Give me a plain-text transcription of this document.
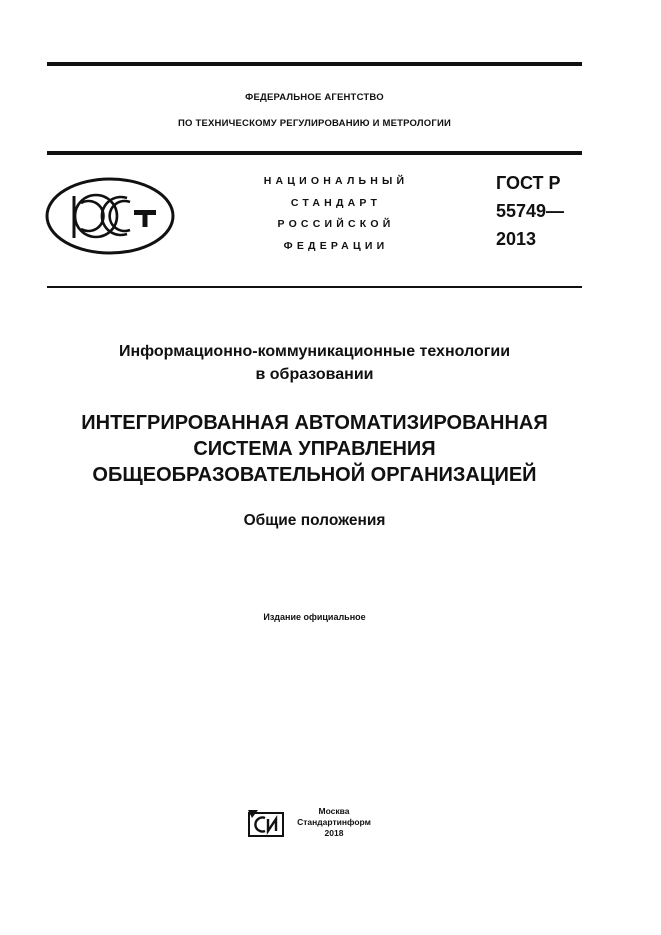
ФЕДЕРАЛЬНОЕ АГЕНТСТВО
ПО ТЕХНИЧЕСКОМУ РЕГУЛИРОВАНИЮ И МЕТРОЛОГИИ
НАЦИОНАЛЬНЫЙ
СТАНДАРТ
РОССИЙСКОЙ
ФЕДЕРАЦИИ
ГОСТ Р
55749—
2013
Информационно-коммуникационные технологии
в образовании
ИНТЕГРИРОВАННАЯ АВТОМАТИЗИРОВАННАЯ
СИСТЕМА УПРАВЛЕНИЯ
ОБЩЕОБРАЗОВАТЕЛЬНОЙ ОРГАНИЗАЦИЕЙ
Общие положения
Издание официальное
Москва
Стандартинформ
2018
